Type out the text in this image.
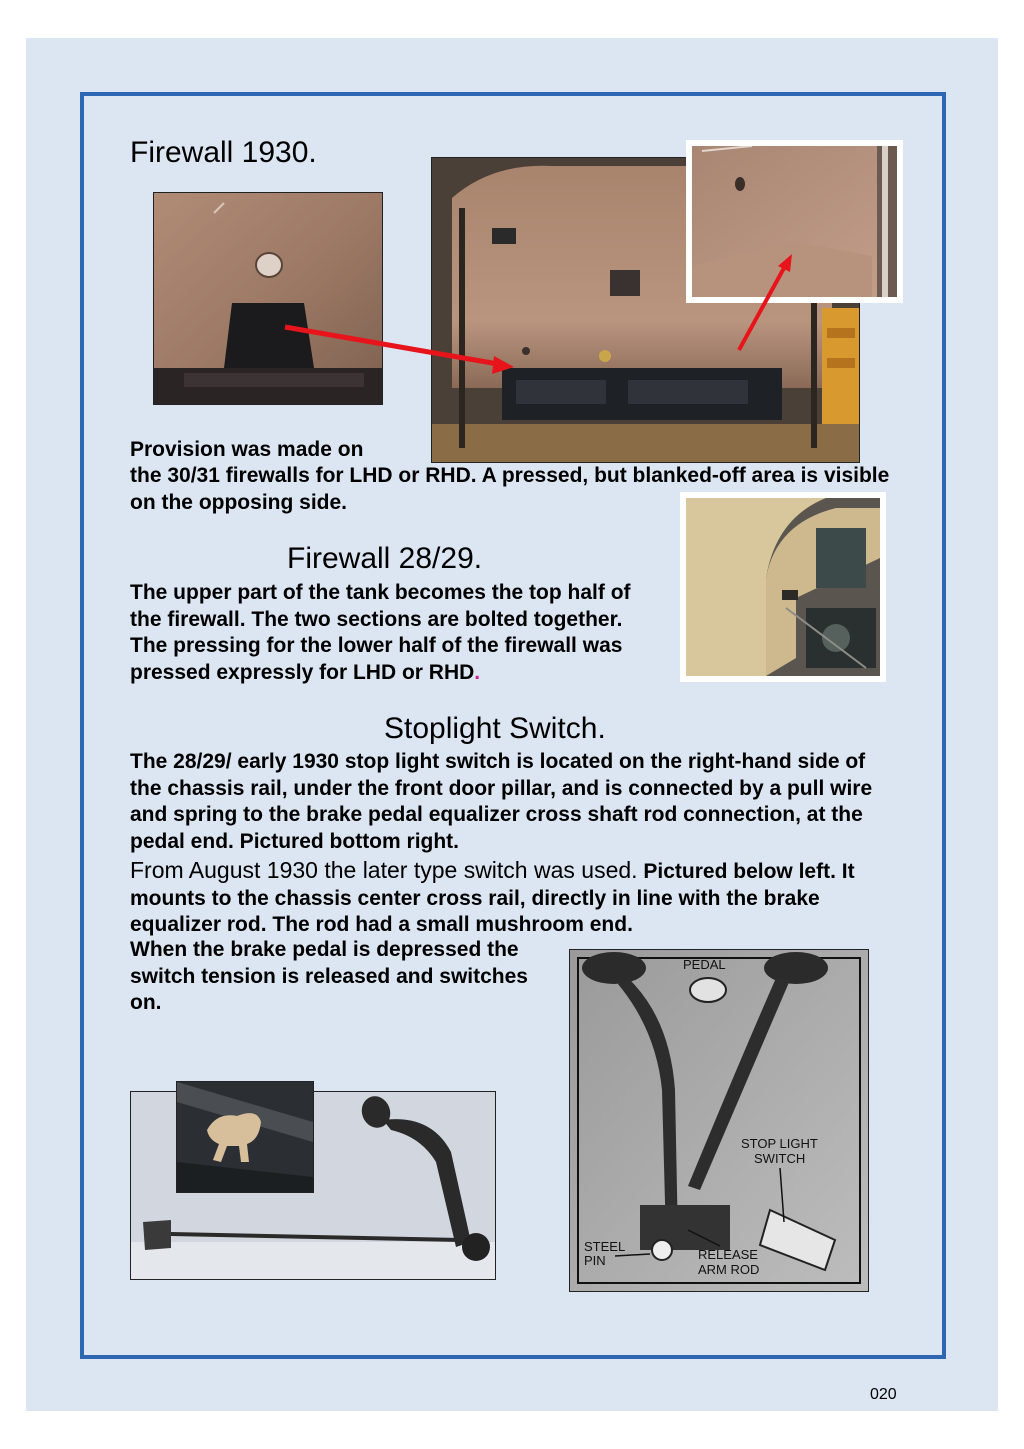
Firewall 1930.
Provision was made on
the 30/31 firewalls for LHD or RHD. A pressed, but blanked-off area is visible on the opposing side.
Firewall 28/29.
The upper part of the tank becomes the top half of the firewall. The two sections are bolted together. The pressing for the lower half of the firewall was pressed expressly for LHD or RHD.
Stoplight Switch.
The 28/29/ early 1930 stop light switch is located on the right-hand side of the chassis rail, under the front door pillar, and is connected by a pull wire and spring to the brake pedal equalizer cross shaft rod connection, at the pedal end. Pictured bottom right.
From August 1930 the later type switch was used. Pictured below left. It mounts to the chassis center cross rail, directly in line with the brake equalizer rod. The rod had a small mushroom end.
When the brake pedal is depressed the switch tension is released and switches on.
PEDAL
STOP LIGHT
SWITCH
STEEL
PIN	RELEASE
ARM ROD
020
